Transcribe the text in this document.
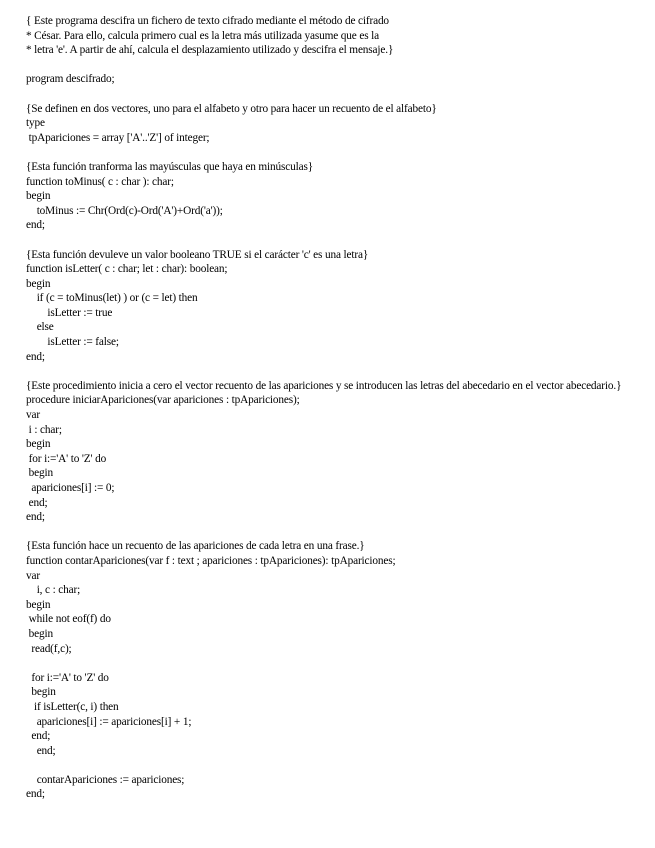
{ Este programa descifra un fichero de texto cifrado mediante el método de cifrado
* César. Para ello, calcula primero cual es la letra más utilizada yasume que es la
* letra 'e'. A partir de ahí, calcula el desplazamiento utilizado y descifra el mensaje.}

program descifrado;

{Se definen en dos vectores, uno para el alfabeto y otro para hacer un recuento de el alfabeto}
type
tpApariciones = array ['A'..'Z'] of integer;

{Esta función tranforma las mayúsculas que haya en minúsculas}
function toMinus( c : char ): char;
begin
toMinus := Chr(Ord(c)-Ord('A')+Ord('a'));
end;

{Esta función devuleve un valor booleano TRUE si el carácter 'c' es una letra}
function isLetter( c : char; let : char): boolean;
begin
if (c = toMinus(let) ) or (c = let) then
isLetter := true
else
isLetter := false;
end;

{Este procedimiento inicia a cero el vector recuento de las apariciones y se introducen las letras del abecedario en el vector abecedario.}
procedure iniciarApariciones(var apariciones : tpApariciones);
var
i : char;
begin
for i:='A' to 'Z' do
begin
apariciones[i] := 0;
end;
end;

{Esta función hace un recuento de las apariciones de cada letra en una frase.}
function contarApariciones(var f : text ; apariciones : tpApariciones): tpApariciones;
var
i, c : char;
begin
while not eof(f) do
begin
read(f,c);

for i:='A' to 'Z' do
begin
if isLetter(c, i) then
apariciones[i] := apariciones[i] + 1;
end;
end;

contarApariciones := apariciones;
end;
